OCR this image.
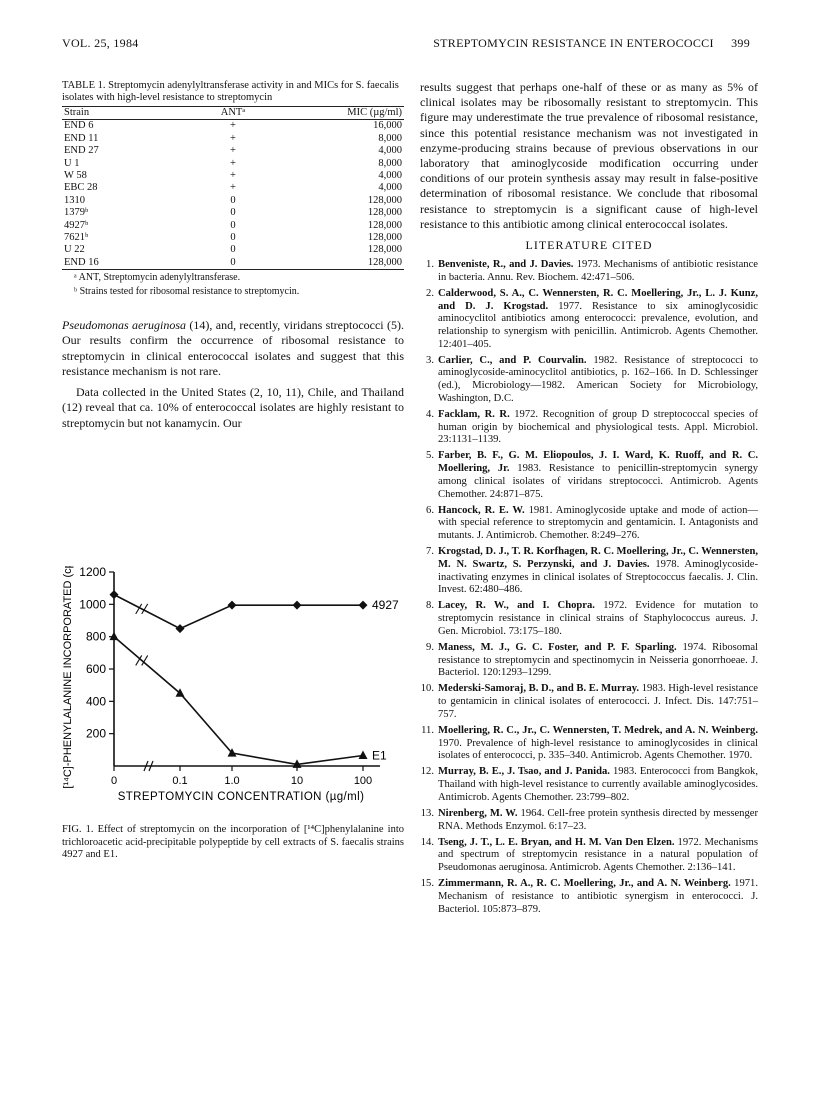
VOL. 25, 1984	STREPTOMYCIN RESISTANCE IN ENTEROCOCCI 399

TABLE 1. Streptomycin adenylyltransferase activity in and MICs for S. faecalis isolates with high-level resistance to streptomycin

Strain	ANTᵃ	MIC (µg/ml)
END 6	+	16,000
END 11	+	8,000
END 27	+	4,000
U 1	+	8,000
W 58	+	4,000
EBC 28	+	4,000
1310	0	128,000
1379ᵇ	0	128,000
4927ᵇ	0	128,000
7621ᵇ	0	128,000
U 22	0	128,000
END 16	0	128,000
ᵃ ANT, Streptomycin adenylyltransferase.
ᵇ Strains tested for ribosomal resistance to streptomycin.

Pseudomonas aeruginosa (14), and, recently, viridans streptococci (5). Our results confirm the occurrence of ribosomal resistance to streptomycin in clinical enterococcal isolates and suggest that this resistance mechanism is not rare.

Data collected in the United States (2, 10, 11), Chile, and Thailand (12) reveal that ca. 10% of enterococcal isolates are highly resistant to streptomycin but not kanamycin. Our

200
400
600
800
1000
1200
0	0.1	1.0	10	100
STREPTOMYCIN CONCENTRATION (µg/ml)
[¹⁴C]-PHENYLALANINE INCORPORATED (cpm)	4927
E1
FIG. 1. Effect of streptomycin on the incorporation of [¹⁴C]phenylalanine into trichloroacetic acid-precipitable polypeptide by cell extracts of S. faecalis strains 4927 and E1.

results suggest that perhaps one-half of these or as many as 5% of clinical isolates may be ribosomally resistant to streptomycin. This figure may underestimate the true prevalence of ribosomal resistance, since this potential resistance mechanism was not investigated in enzyme-producing strains because of previous observations in our laboratory that aminoglycoside modification occurring under conditions of our protein synthesis assay may result in false-positive determination of ribosomal resistance. We conclude that ribosomal resistance to streptomycin is a significant cause of high-level resistance to this antibiotic among clinical enterococcal isolates.

LITERATURE CITED

1. Benveniste, R., and J. Davies. 1973. Mechanisms of antibiotic resistance in bacteria. Annu. Rev. Biochem. 42:471–506.

2. Calderwood, S. A., C. Wennersten, R. C. Moellering, Jr., L. J. Kunz, and D. J. Krogstad. 1977. Resistance to six aminoglycosidic aminocyclitol antibiotics among enterococci: prevalence, evolution, and relationship to synergism with penicillin. Antimicrob. Agents Chemother. 12:401–405.

3. Carlier, C., and P. Courvalin. 1982. Resistance of streptococci to aminoglycoside-aminocyclitol antibiotics, p. 162–166. In D. Schlessinger (ed.), Microbiology—1982. American Society for Microbiology, Washington, D.C.

4. Facklam, R. R. 1972. Recognition of group D streptococcal species of human origin by biochemical and physiological tests. Appl. Microbiol. 23:1131–1139.

5. Farber, B. F., G. M. Eliopoulos, J. I. Ward, K. Ruoff, and R. C. Moellering, Jr. 1983. Resistance to penicillin-streptomycin synergy among clinical isolates of viridans streptococci. Antimicrob. Agents Chemother. 24:871–875.

6. Hancock, R. E. W. 1981. Aminoglycoside uptake and mode of action—with special reference to streptomycin and gentamicin. I. Antagonists and mutants. J. Antimicrob. Chemother. 8:249–276.

7. Krogstad, D. J., T. R. Korfhagen, R. C. Moellering, Jr., C. Wennersten, M. N. Swartz, S. Perzynski, and J. Davies. 1978. Aminoglycoside-inactivating enzymes in clinical isolates of Streptococcus faecalis. J. Clin. Invest. 62:480–486.

8. Lacey, R. W., and I. Chopra. 1972. Evidence for mutation to streptomycin resistance in clinical strains of Staphylococcus aureus. J. Gen. Microbiol. 73:175–180.

9. Maness, M. J., G. C. Foster, and P. F. Sparling. 1974. Ribosomal resistance to streptomycin and spectinomycin in Neisseria gonorrhoeae. J. Bacteriol. 120:1293–1299.

10. Mederski-Samoraj, B. D., and B. E. Murray. 1983. High-level resistance to gentamicin in clinical isolates of enterococci. J. Infect. Dis. 147:751–757.

11. Moellering, R. C., Jr., C. Wennersten, T. Medrek, and A. N. Weinberg. 1970. Prevalence of high-level resistance to aminoglycosides in clinical isolates of enterococci, p. 335–340. Antimicrob. Agents Chemother. 1970.

12. Murray, B. E., J. Tsao, and J. Panida. 1983. Enterococci from Bangkok, Thailand with high-level resistance to currently available aminoglycosides. Antimicrob. Agents Chemother. 23:799–802.

13. Nirenberg, M. W. 1964. Cell-free protein synthesis directed by messenger RNA. Methods Enzymol. 6:17–23.

14. Tseng, J. T., L. E. Bryan, and H. M. Van Den Elzen. 1972. Mechanisms and spectrum of streptomycin resistance in a natural population of Pseudomonas aeruginosa. Antimicrob. Agents Chemother. 2:136–141.

15. Zimmermann, R. A., R. C. Moellering, Jr., and A. N. Weinberg. 1971. Mechanism of resistance to antibiotic synergism in enterococci. J. Bacteriol. 105:873–879.
